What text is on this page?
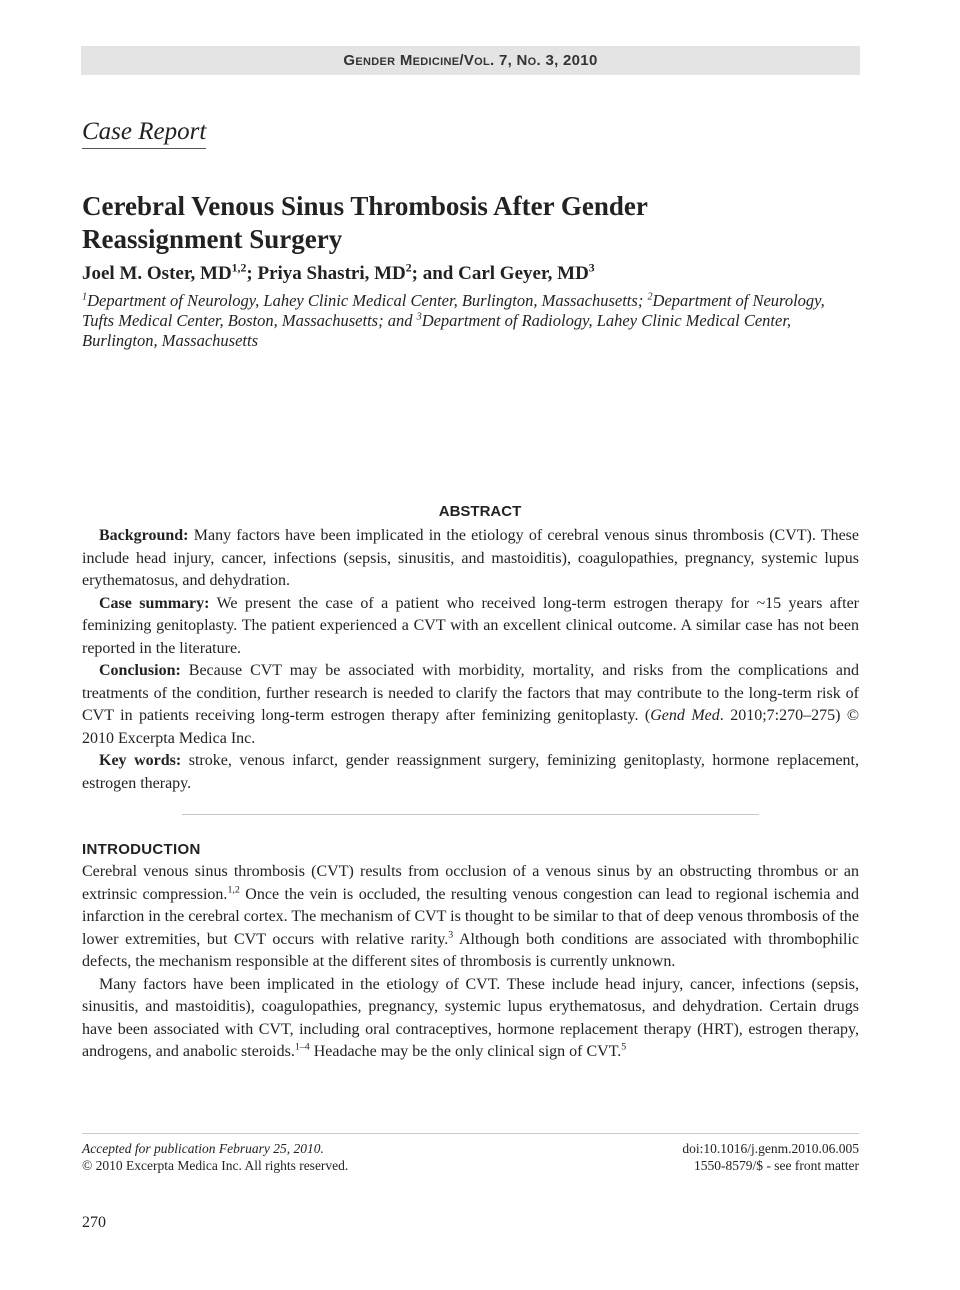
Gender Medicine/Vol. 7, No. 3, 2010
Case Report
Cerebral Venous Sinus Thrombosis After Gender Reassignment Surgery
Joel M. Oster, MD$^{1,2}$; Priya Shastri, $MD^2$; and Carl Geyer, $MD^3$
$^1$Department of Neurology, Lahey Clinic Medical Center, Burlington, Massachusetts; $^2$Department of Neurology, Tufts Medical Center, Boston, Massachusetts; and $^3$Department of Radiology, Lahey Clinic Medical Center, Burlington, Massachusetts
ABSTRACT

Background: Many factors have been implicated in the etiology of cerebral venous sinus thrombosis (CVT). These include head injury, cancer, infections (sepsis, sinusitis, and mastoiditis), coagulopathies, pregnancy, systemic lupus erythematosus, and dehydration.

Case summary: We present the case of a patient who received long-term estrogen therapy for ~15 years after feminizing genitoplasty. The patient experienced a CVT with an excellent clinical outcome. A similar case has not been reported in the literature.

Conclusion: Because CVT may be associated with morbidity, mortality, and risks from the complications and treatments of the condition, further research is needed to clarify the factors that may contribute to the long-term risk of CVT in patients receiving long-term estrogen therapy after feminizing genitoplasty. (Gend Med. 2010;7:270–275) © 2010 Excerpta Medica Inc.

Key words: stroke, venous infarct, gender reassignment surgery, feminizing genitoplasty, hormone replacement, estrogen therapy.

INTRODUCTION

Cerebral venous sinus thrombosis (CVT) results from occlusion of a venous sinus by an obstructing thrombus or an extrinsic compression.$^{1,2}$ Once the vein is occluded, the resulting venous congestion can lead to regional ischemia and infarction in the cerebral cortex. The mechanism of CVT is thought to be similar to that of deep venous thrombosis of the lower extremities, but CVT occurs with relative rarity.$^3$ Although both conditions are associated with thrombophilic defects, the mechanism responsible at the different sites of thrombosis is currently unknown.

Many factors have been implicated in the etiology of CVT. These include head injury, cancer, infections (sepsis, sinusitis, and mastoiditis), coagulopathies, pregnancy, systemic lupus erythematosus, and dehydration. Certain drugs have been associated with CVT, including oral contraceptives, hormone replacement therapy (HRT), estrogen therapy, androgens, and anabolic steroids.$^{1-4}$ Headache may be the only clinical sign of CVT.$^5$

Accepted for publication February 25, 2010.
© 2010 Excerpta Medica Inc. All rights reserved.
doi:10.1016/j.genm.2010.06.005
1550-8579/$ - see front matter
270
